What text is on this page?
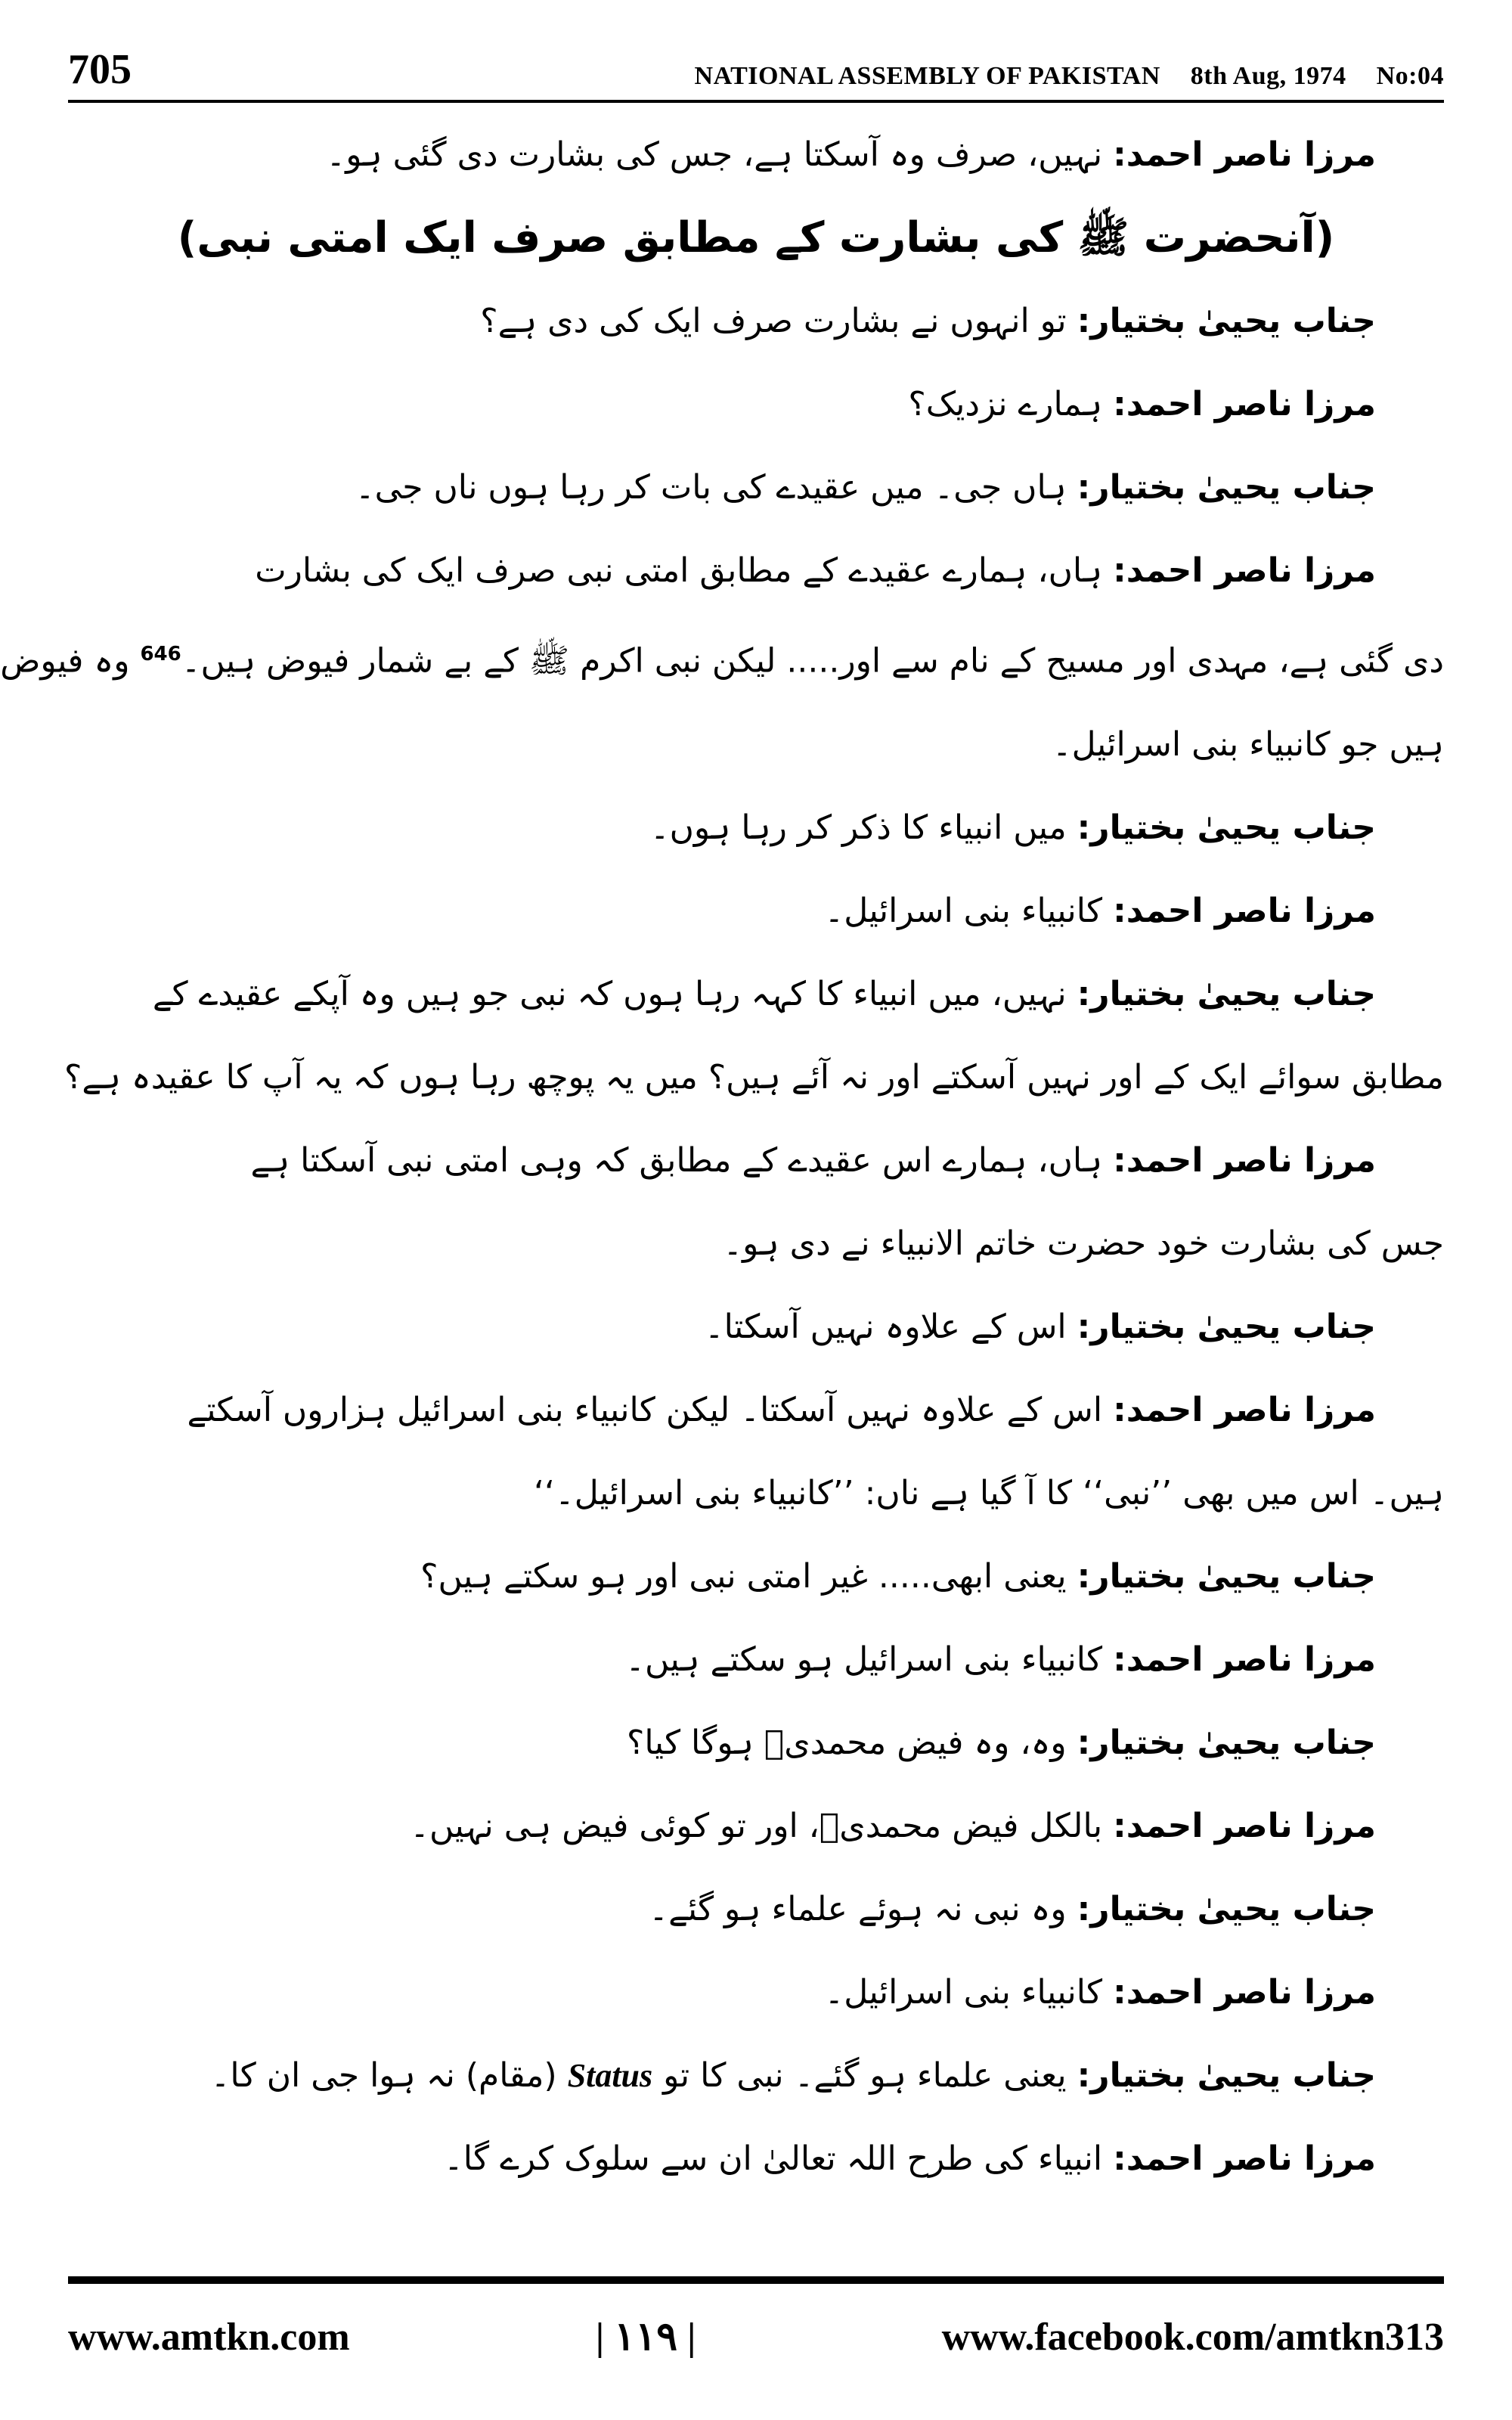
705	NATIONAL ASSEMBLY OF PAKISTAN 8th Aug, 1974 No:04
مرزا ناصر احمد: نہیں، صرف وہ آسکتا ہے، جس کی بشارت دی گئی ہو۔
(آنحضرت ﷺ کی بشارت کے مطابق صرف ایک امتی نبی)
جناب یحییٰ بختیار: تو انہوں نے بشارت صرف ایک کی دی ہے؟
مرزا ناصر احمد: ہمارے نزدیک؟
جناب یحییٰ بختیار: ہاں جی۔ میں عقیدے کی بات کر رہا ہوں ناں جی۔
مرزا ناصر احمد: ہاں، ہمارے عقیدے کے مطابق امتی نبی صرف ایک کی بشارت
دی گئی ہے، مہدی اور مسیح کے نام سے اور..... لیکن نبی اکرم ﷺ کے بے شمار فیوض ہیں۔$^{646}$ وہ فیوض
ہیں جو کانبیاء بنی اسرائیل۔
جناب یحییٰ بختیار: میں انبیاء کا ذکر کر رہا ہوں۔
مرزا ناصر احمد: کانبیاء بنی اسرائیل۔
جناب یحییٰ بختیار: نہیں، میں انبیاء کا کہہ رہا ہوں کہ نبی جو ہیں وہ آپکے عقیدے کے
مطابق سوائے ایک کے اور نہیں آسکتے اور نہ آئے ہیں؟ میں یہ پوچھ رہا ہوں کہ یہ آپ کا عقیدہ ہے؟
مرزا ناصر احمد: ہاں، ہمارے اس عقیدے کے مطابق کہ وہی امتی نبی آسکتا ہے
جس کی بشارت خود حضرت خاتم الانبیاء نے دی ہو۔
جناب یحییٰ بختیار: اس کے علاوہ نہیں آسکتا۔
مرزا ناصر احمد: اس کے علاوہ نہیں آسکتا۔ لیکن کانبیاء بنی اسرائیل ہزاروں آسکتے
ہیں۔ اس میں بھی ’’نبی‘‘ کا آ گیا ہے ناں: ’’کانبیاء بنی اسرائیل۔‘‘
جناب یحییٰ بختیار: یعنی ابھی..... غیر امتی نبی اور ہو سکتے ہیں؟
مرزا ناصر احمد: کانبیاء بنی اسرائیل ہو سکتے ہیں۔
جناب یحییٰ بختیار: وہ، وہ فیض محمدیؐ ہوگا کیا؟
مرزا ناصر احمد: بالکل فیض محمدیؐ، اور تو کوئی فیض ہی نہیں۔
جناب یحییٰ بختیار: وہ نبی نہ ہوئے علماء ہو گئے۔
مرزا ناصر احمد: کانبیاء بنی اسرائیل۔
جناب یحییٰ بختیار: یعنی علماء ہو گئے۔ نبی کا تو Status (مقام) نہ ہوا جی ان کا۔
مرزا ناصر احمد: انبیاء کی طرح اللہ تعالیٰ ان سے سلوک کرے گا۔
www.amtkn.com	| ۱۱۹ |	www.facebook.com/amtkn313
